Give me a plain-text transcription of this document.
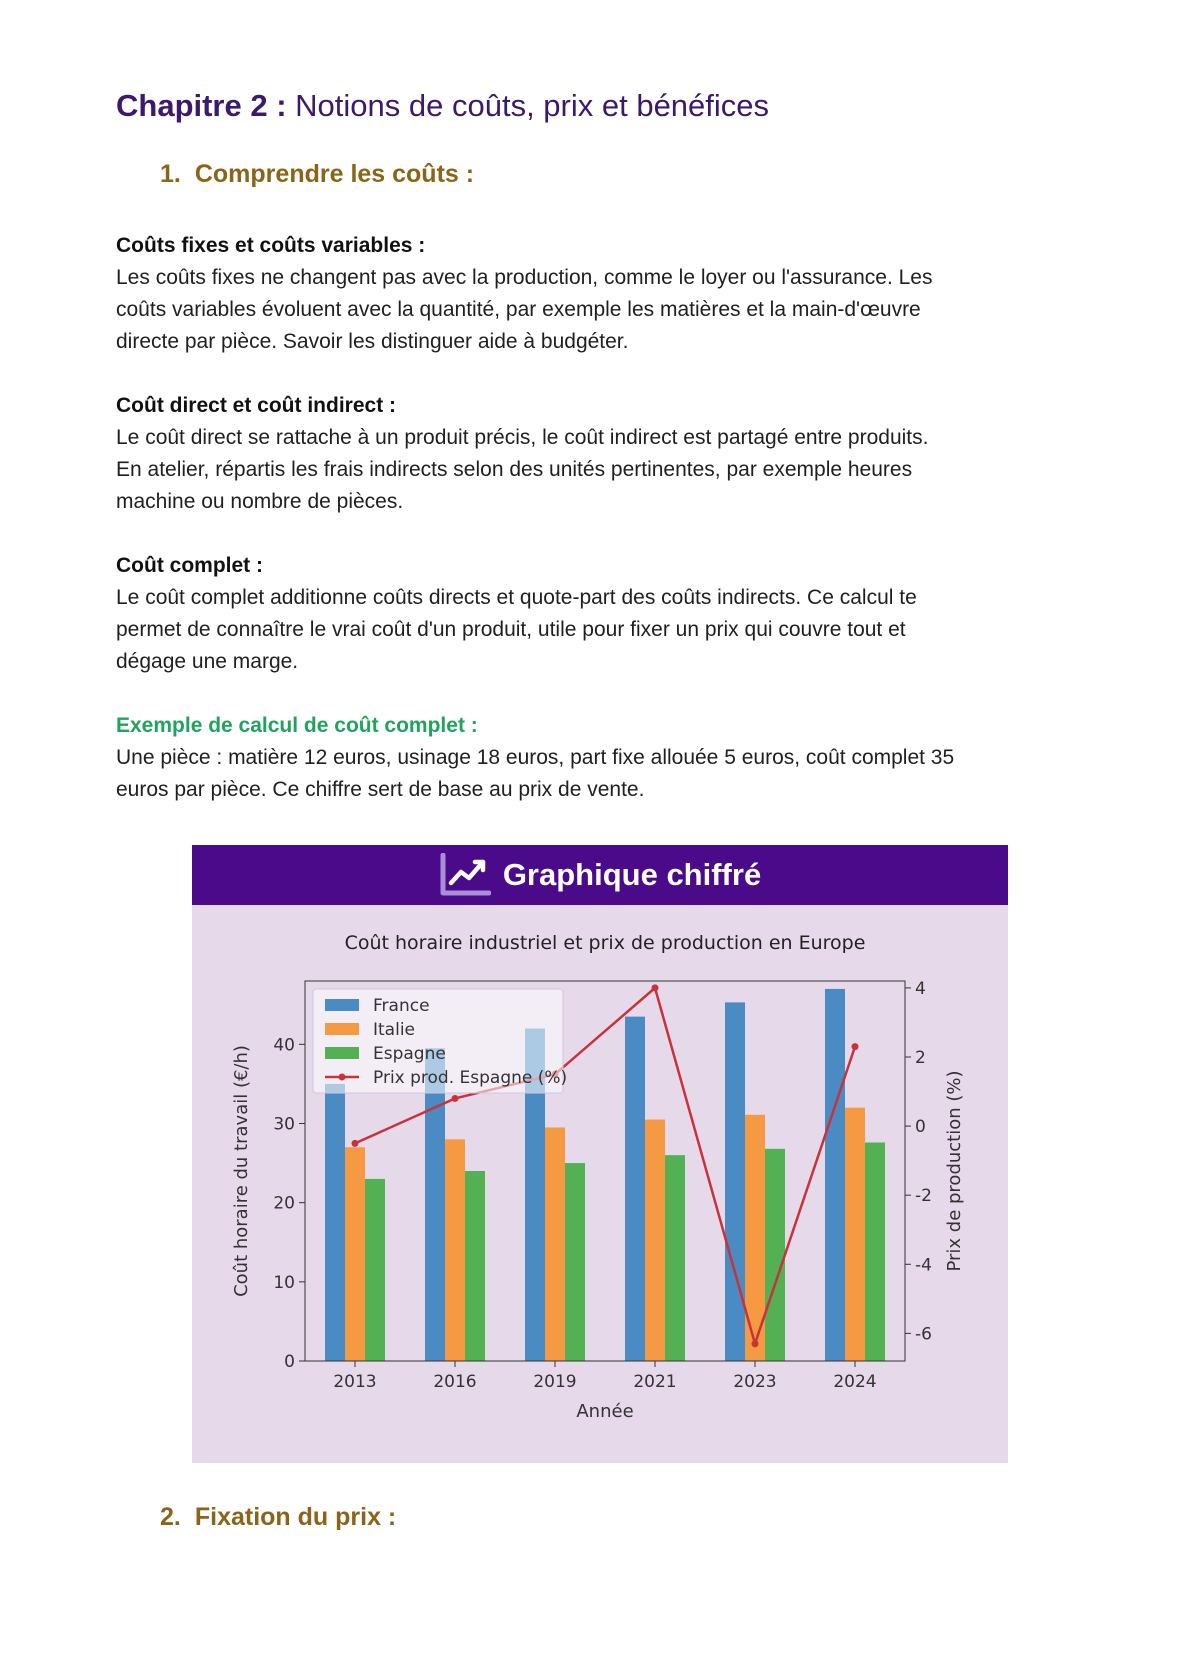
Chapitre 2 : Notions de coûts, prix et bénéfices
1. Comprendre les coûts :
Coûts fixes et coûts variables :

Les coûts fixes ne changent pas avec la production, comme le loyer ou l'assurance. Les

coûts variables évoluent avec la quantité, par exemple les matières et la main-d'œuvre

directe par pièce. Savoir les distinguer aide à budgéter.

Coût direct et coût indirect :

Le coût direct se rattache à un produit précis, le coût indirect est partagé entre produits.

En atelier, répartis les frais indirects selon des unités pertinentes, par exemple heures

machine ou nombre de pièces.

Coût complet :

Le coût complet additionne coûts directs et quote-part des coûts indirects. Ce calcul te

permet de connaître le vrai coût d'un produit, utile pour fixer un prix qui couvre tout et

dégage une marge.

Exemple de calcul de coût complet :

Une pièce : matière 12 euros, usinage 18 euros, part fixe allouée 5 euros, coût complet 35

euros par pièce. Ce chiffre sert de base au prix de vente.

Graphique chiffré
Coût horaire industriel et prix de production en Europe
0
10
20
30
40
-6
-4
-2
0
2
4
2013	2016	2019	2021	2023	2024
Année
Coût horaire du travail (€/h)	Prix de production (%)
France
Italie
Espagne
Prix prod. Espagne (%)
2. Fixation du prix :
